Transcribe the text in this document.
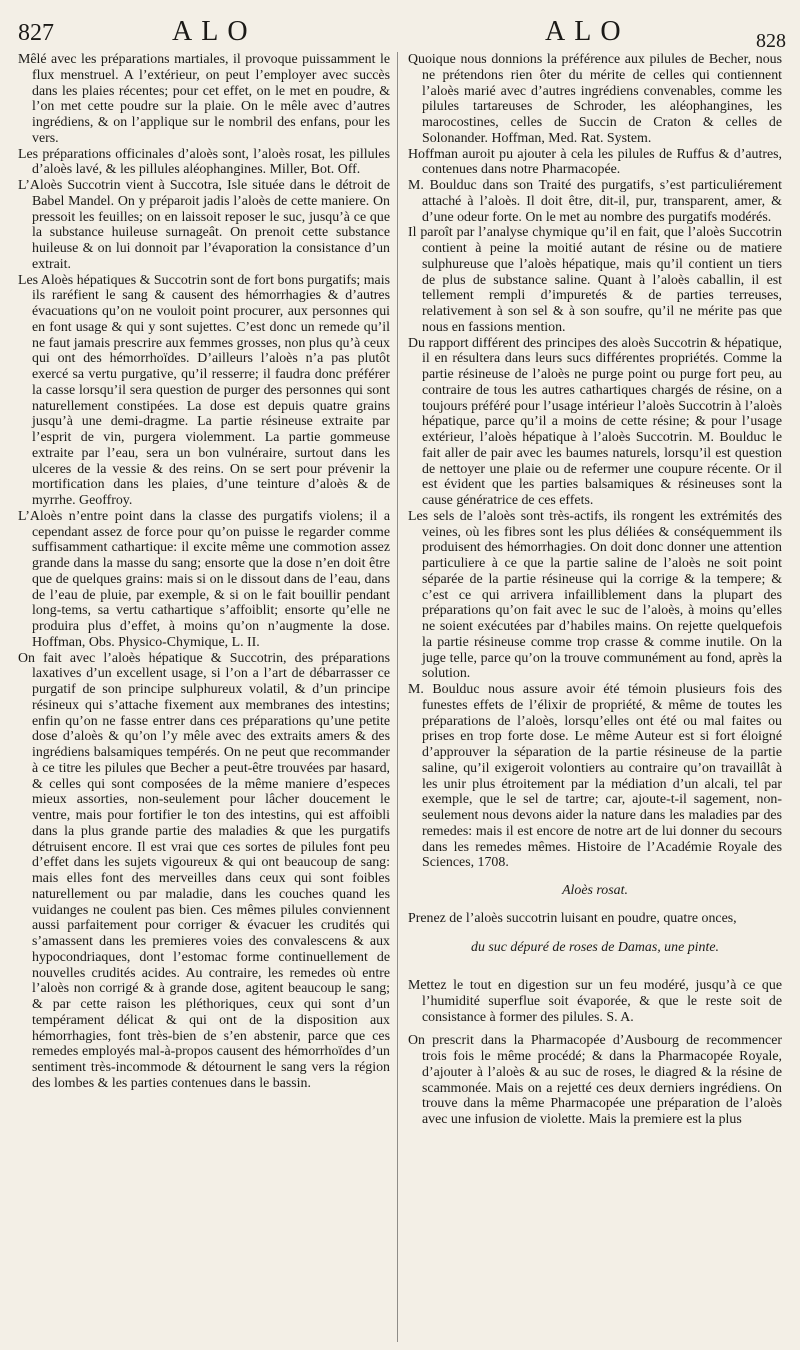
827	ALO	ALO	828

Mêlé avec les préparations martiales, il provoque puissamment le flux menstruel. A l’extérieur, on peut l’employer avec succès dans les plaies récentes; pour cet effet, on le met en poudre, & l’on met cette poudre sur la plaie. On le mêle avec d’autres ingrédiens, & on l’applique sur le nombril des enfans, pour les vers.

Les préparations officinales d’aloès sont, l’aloès rosat, les pillules d’aloès lavé, & les pillules aléophangines. Miller, Bot. Off.

L’Aloès Succotrin vient à Succotra, Isle située dans le détroit de Babel Mandel. On y préparoit jadis l’aloès de cette maniere. On pressoit les feuilles; on en laissoit reposer le suc, jusqu’à ce que la substance huileuse surnageât. On prenoit cette substance huileuse & on lui donnoit par l’évaporation la consistance d’un extrait.

Les Aloès hépatiques & Succotrin sont de fort bons purgatifs; mais ils raréfient le sang & causent des hémorrhagies & d’autres évacuations qu’on ne vouloit point procurer, aux personnes qui en font usage & qui y sont sujettes. C’est donc un remede qu’il ne faut jamais prescrire aux femmes grosses, non plus qu’à ceux qui ont des hémorrhoïdes. D’ailleurs l’aloès n’a pas plutôt exercé sa vertu purgative, qu’il resserre; il faudra donc préférer la casse lorsqu’il sera question de purger des personnes qui sont naturellement constipées. La dose est depuis quatre grains jusqu’à une demi-dragme. La partie résineuse extraite par l’esprit de vin, purgera violemment. La partie gommeuse extraite par l’eau, sera un bon vulnéraire, surtout dans les ulceres de la vessie & des reins. On se sert pour prévenir la mortification dans les plaies, d’une teinture d’aloès & de myrrhe. Geoffroy.

L’Aloès n’entre point dans la classe des purgatifs violens; il a cependant assez de force pour qu’on puisse le regarder comme suffisamment cathartique: il excite même une commotion assez grande dans la masse du sang; ensorte que la dose n’en doit être que de quelques grains: mais si on le dissout dans de l’eau, dans de l’eau de pluie, par exemple, & si on le fait bouillir pendant long-tems, sa vertu cathartique s’affoiblit; ensorte qu’elle ne produira plus d’effet, à moins qu’on n’augmente la dose. Hoffman, Obs. Physico-Chymique, L. II.

On fait avec l’aloès hépatique & Succotrin, des préparations laxatives d’un excellent usage, si l’on a l’art de débarrasser ce purgatif de son principe sulphureux volatil, & d’un principe résineux qui s’attache fixement aux membranes des intestins; enfin qu’on ne fasse entrer dans ces préparations qu’une petite dose d’aloès & qu’on l’y mêle avec des extraits amers & des ingrédiens balsamiques tempérés. On ne peut que recommander à ce titre les pilules que Becher a peut-être trouvées par hasard, & celles qui sont composées de la même maniere d’especes mieux assorties, non-seulement pour lâcher doucement le ventre, mais pour fortifier le ton des intestins, qui est affoibli dans la plus grande partie des maladies & que les purgatifs détruisent encore. Il est vrai que ces sortes de pilules font peu d’effet dans les sujets vigoureux & qui ont beaucoup de sang: mais elles font des merveilles dans ceux qui sont foibles naturellement ou par maladie, dans les couches quand les vuidanges ne coulent pas bien. Ces mêmes pilules conviennent aussi parfaitement pour corriger & évacuer les crudités qui s’amassent dans les premieres voies des convalescens & aux hypocondriaques, dont l’estomac forme continuellement de nouvelles crudités acides. Au contraire, les remedes où entre l’aloès non corrigé & à grande dose, agitent beaucoup le sang; & par cette raison les pléthoriques, ceux qui sont d’un tempérament délicat & qui ont de la disposition aux hémorrhagies, font très-bien de s’en abstenir, parce que ces remedes employés mal-à-propos causent des hémorrhoïdes d’un sentiment très-incommode & détournent le sang vers la région des lombes & les parties contenues dans le bassin.

Quoique nous donnions la préférence aux pilules de Becher, nous ne prétendons rien ôter du mérite de celles qui contiennent l’aloès marié avec d’autres ingrédiens convenables, comme les pilules tartareuses de Schroder, les aléophangines, les marocostines, celles de Succin de Craton & celles de Solonander. Hoffman, Med. Rat. System.

Hoffman auroit pu ajouter à cela les pilules de Ruffus & d’autres, contenues dans notre Pharmacopée.

M. Boulduc dans son Traité des purgatifs, s’est particuliérement attaché à l’aloès. Il doit être, dit-il, pur, transparent, amer, & d’une odeur forte. On le met au nombre des purgatifs modérés.

Il paroît par l’analyse chymique qu’il en fait, que l’aloès Succotrin contient à peine la moitié autant de résine ou de matiere sulphureuse que l’aloès hépatique, mais qu’il contient un tiers de plus de substance saline. Quant à l’aloès caballin, il est tellement rempli d’impuretés & de parties terreuses, relativement à son sel & à son soufre, qu’il ne mérite pas que nous en fassions mention.

Du rapport différent des principes des aloès Succotrin & hépatique, il en résultera dans leurs sucs différentes propriétés. Comme la partie résineuse de l’aloès ne purge point ou purge fort peu, au contraire de tous les autres cathartiques chargés de résine, on a toujours préféré pour l’usage intérieur l’aloès Succotrin à l’aloès hépatique, parce qu’il a moins de cette résine; & pour l’usage extérieur, l’aloès hépatique à l’aloès Succotrin. M. Boulduc le fait aller de pair avec les baumes naturels, lorsqu’il est question de nettoyer une plaie ou de refermer une coupure récente. Or il est évident que les parties balsamiques & résineuses sont la cause génératrice de ces effets.

Les sels de l’aloès sont très-actifs, ils rongent les extrémités des veines, où les fibres sont les plus déliées & conséquemment ils produisent des hémorrhagies. On doit donc donner une attention particuliere à ce que la partie saline de l’aloès ne soit point séparée de la partie résineuse qui la corrige & la tempere; & c’est ce qui arrivera infailliblement dans la plupart des préparations qu’on fait avec le suc de l’aloès, à moins qu’elles ne soient exécutées par d’habiles mains. On rejette quelquefois la partie résineuse comme trop crasse & comme inutile. On la juge telle, parce qu’on la trouve communément au fond, après la solution.

M. Boulduc nous assure avoir été témoin plusieurs fois des funestes effets de l’élixir de propriété, & même de toutes les préparations de l’aloès, lorsqu’elles ont été ou mal faites ou prises en trop forte dose. Le même Auteur est si fort éloigné d’approuver la séparation de la partie résineuse de la partie saline, qu’il exigeroit volontiers au contraire qu’on travaillât à les unir plus étroitement par la médiation d’un alcali, tel par exemple, que le sel de tartre; car, ajoute-t-il sagement, non-seulement nous devons aider la nature dans les maladies par des remedes: mais il est encore de notre art de lui donner du secours dans les remedes mêmes. Histoire de l’Académie Royale des Sciences, 1708.

Aloès rosat.

Prenez de l’aloès succotrin luisant en poudre, quatre onces,

du suc dépuré de roses de Damas, une pinte.

Mettez le tout en digestion sur un feu modéré, jusqu’à ce que l’humidité superflue soit évaporée, & que le reste soit de consistance à former des pilules. S. A.

On prescrit dans la Pharmacopée d’Ausbourg de recommencer trois fois le même procédé; & dans la Pharmacopée Royale, d’ajouter à l’aloès & au suc de roses, le diagred & la résine de scammonée. Mais on a rejetté ces deux derniers ingrédiens. On trouve dans la même Pharmacopée une préparation de l’aloès avec une infusion de violette. Mais la premiere est la plus
